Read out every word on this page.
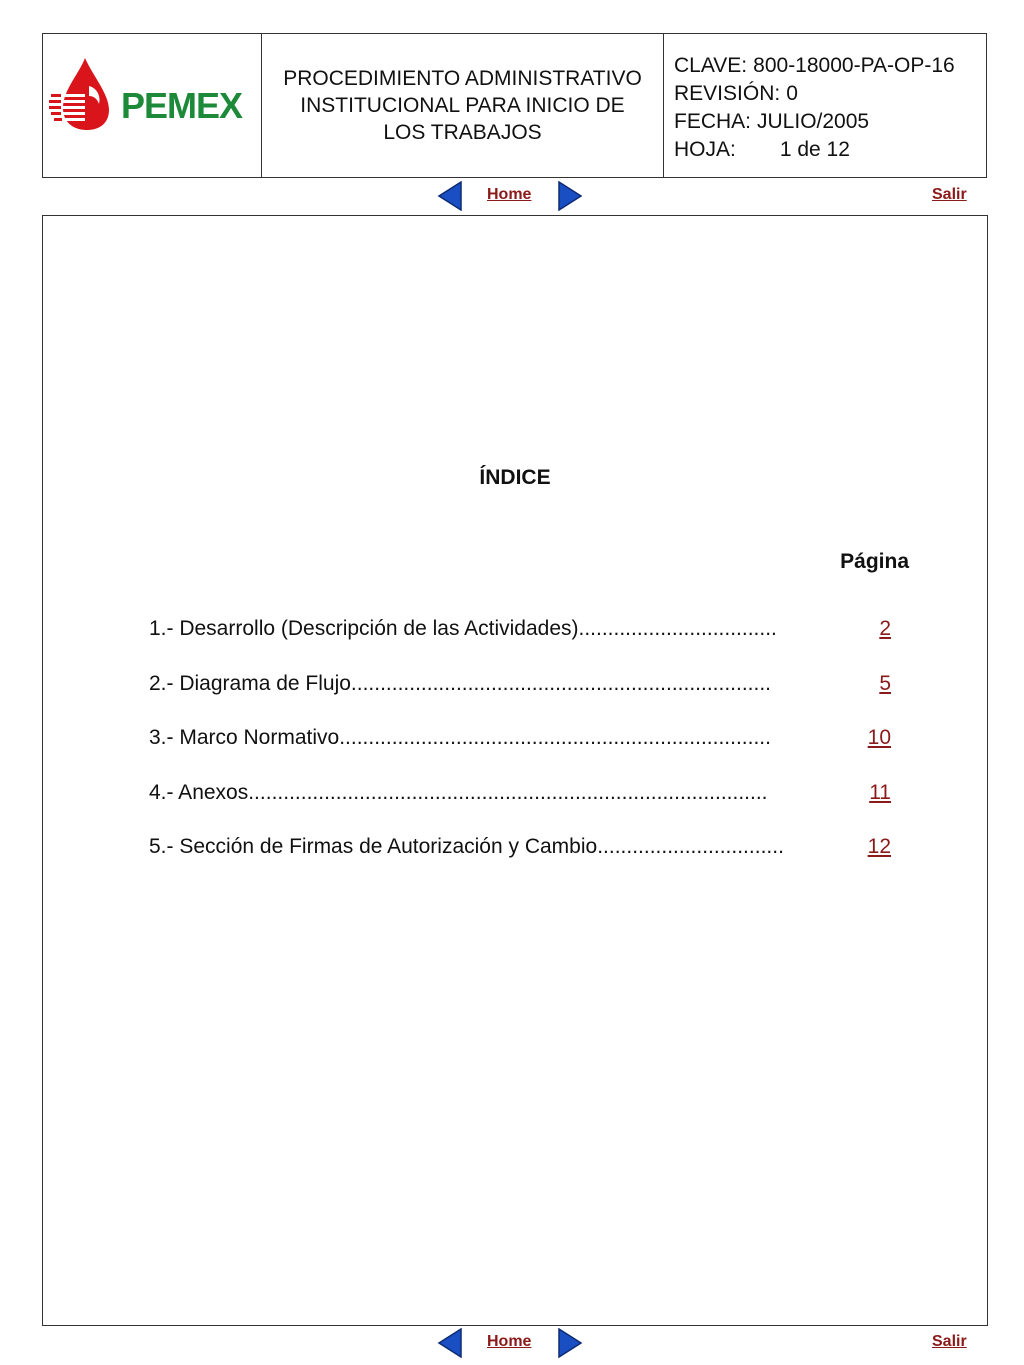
PEMEX
PROCEDIMIENTO ADMINISTRATIVO
INSTITUCIONAL PARA INICIO DE
LOS TRABAJOS
CLAVE: 800-18000-PA-OP-16
REVISIÓN: 0
FECHA: JULIO/2005
HOJA: 1 de 12
Home	Salir
ÍNDICE
Página
1.- Desarrollo (Descripción de las Actividades)..................................	2
2.- Diagrama de Flujo........................................................................	5
3.- Marco Normativo..........................................................................	10
4.- Anexos.........................................................................................	11
5.- Sección de Firmas de Autorización y Cambio................................	12
Home	Salir
